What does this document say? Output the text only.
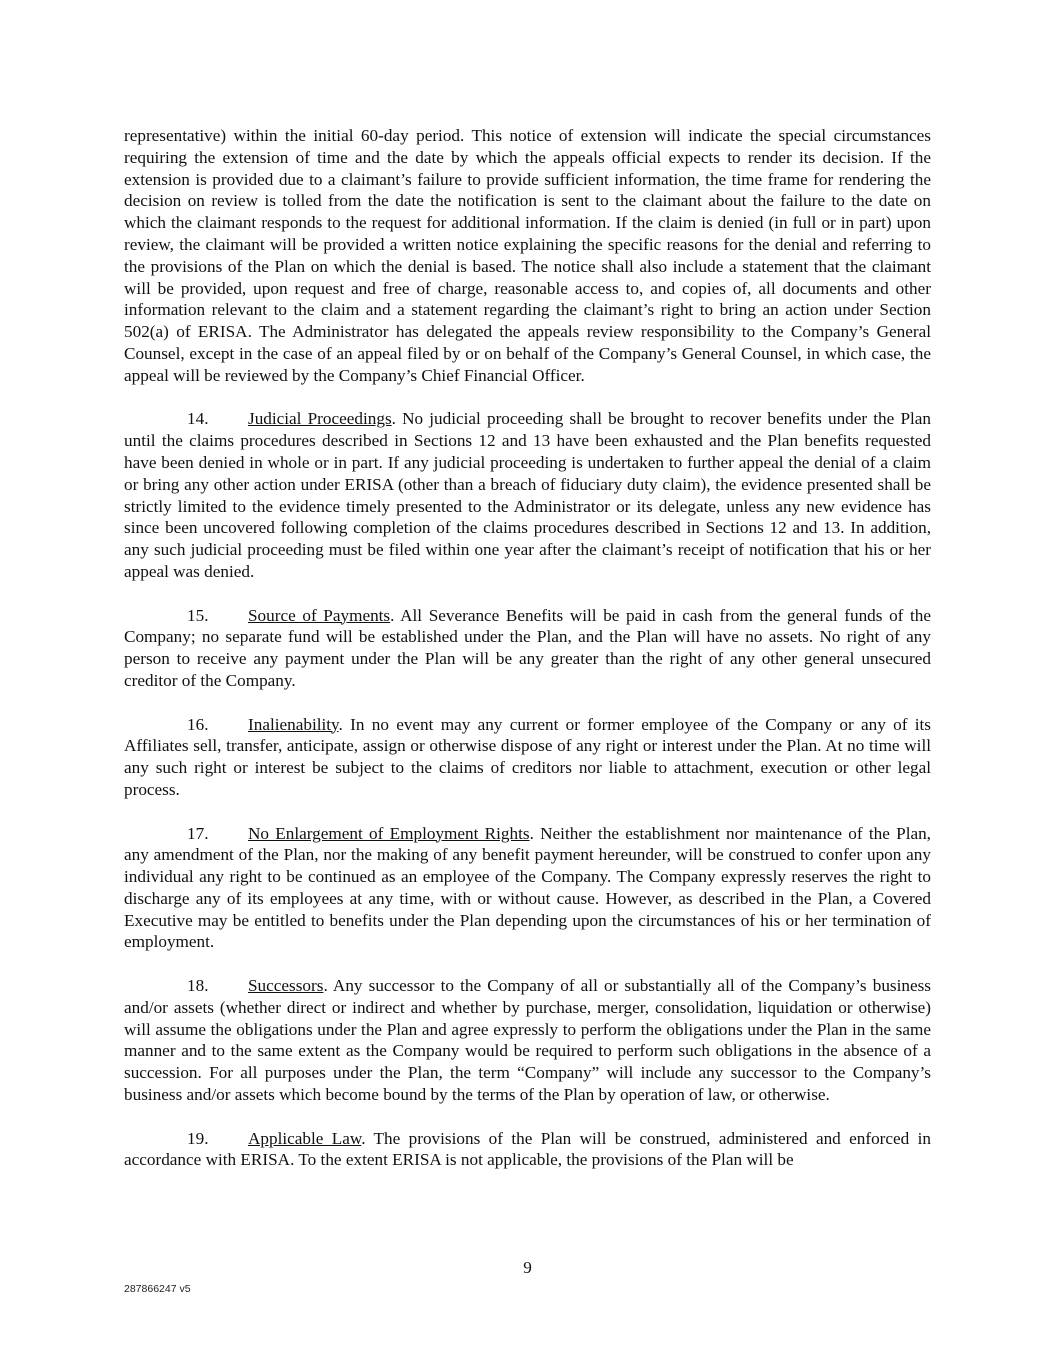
representative) within the initial 60-day period. This notice of extension will indicate the special circumstances requiring the extension of time and the date by which the appeals official expects to render its decision. If the extension is provided due to a claimant’s failure to provide sufficient information, the time frame for rendering the decision on review is tolled from the date the notification is sent to the claimant about the failure to the date on which the claimant responds to the request for additional information. If the claim is denied (in full or in part) upon review, the claimant will be provided a written notice explaining the specific reasons for the denial and referring to the provisions of the Plan on which the denial is based. The notice shall also include a statement that the claimant will be provided, upon request and free of charge, reasonable access to, and copies of, all documents and other information relevant to the claim and a statement regarding the claimant’s right to bring an action under Section 502(a) of ERISA. The Administrator has delegated the appeals review responsibility to the Company’s General Counsel, except in the case of an appeal filed by or on behalf of the Company’s General Counsel, in which case, the appeal will be reviewed by the Company’s Chief Financial Officer.

14. Judicial Proceedings. No judicial proceeding shall be brought to recover benefits under the Plan until the claims procedures described in Sections 12 and 13 have been exhausted and the Plan benefits requested have been denied in whole or in part. If any judicial proceeding is undertaken to further appeal the denial of a claim or bring any other action under ERISA (other than a breach of fiduciary duty claim), the evidence presented shall be strictly limited to the evidence timely presented to the Administrator or its delegate, unless any new evidence has since been uncovered following completion of the claims procedures described in Sections 12 and 13. In addition, any such judicial proceeding must be filed within one year after the claimant’s receipt of notification that his or her appeal was denied.

15. Source of Payments. All Severance Benefits will be paid in cash from the general funds of the Company; no separate fund will be established under the Plan, and the Plan will have no assets. No right of any person to receive any payment under the Plan will be any greater than the right of any other general unsecured creditor of the Company.

16. Inalienability. In no event may any current or former employee of the Company or any of its Affiliates sell, transfer, anticipate, assign or otherwise dispose of any right or interest under the Plan. At no time will any such right or interest be subject to the claims of creditors nor liable to attachment, execution or other legal process.

17. No Enlargement of Employment Rights. Neither the establishment nor maintenance of the Plan, any amendment of the Plan, nor the making of any benefit payment hereunder, will be construed to confer upon any individual any right to be continued as an employee of the Company. The Company expressly reserves the right to discharge any of its employees at any time, with or without cause. However, as described in the Plan, a Covered Executive may be entitled to benefits under the Plan depending upon the circumstances of his or her termination of employment.

18. Successors. Any successor to the Company of all or substantially all of the Company’s business and/or assets (whether direct or indirect and whether by purchase, merger, consolidation, liquidation or otherwise) will assume the obligations under the Plan and agree expressly to perform the obligations under the Plan in the same manner and to the same extent as the Company would be required to perform such obligations in the absence of a succession. For all purposes under the Plan, the term “Company” will include any successor to the Company’s business and/or assets which become bound by the terms of the Plan by operation of law, or otherwise.

19. Applicable Law. The provisions of the Plan will be construed, administered and enforced in accordance with ERISA. To the extent ERISA is not applicable, the provisions of the Plan will be

9
287866247 v5
